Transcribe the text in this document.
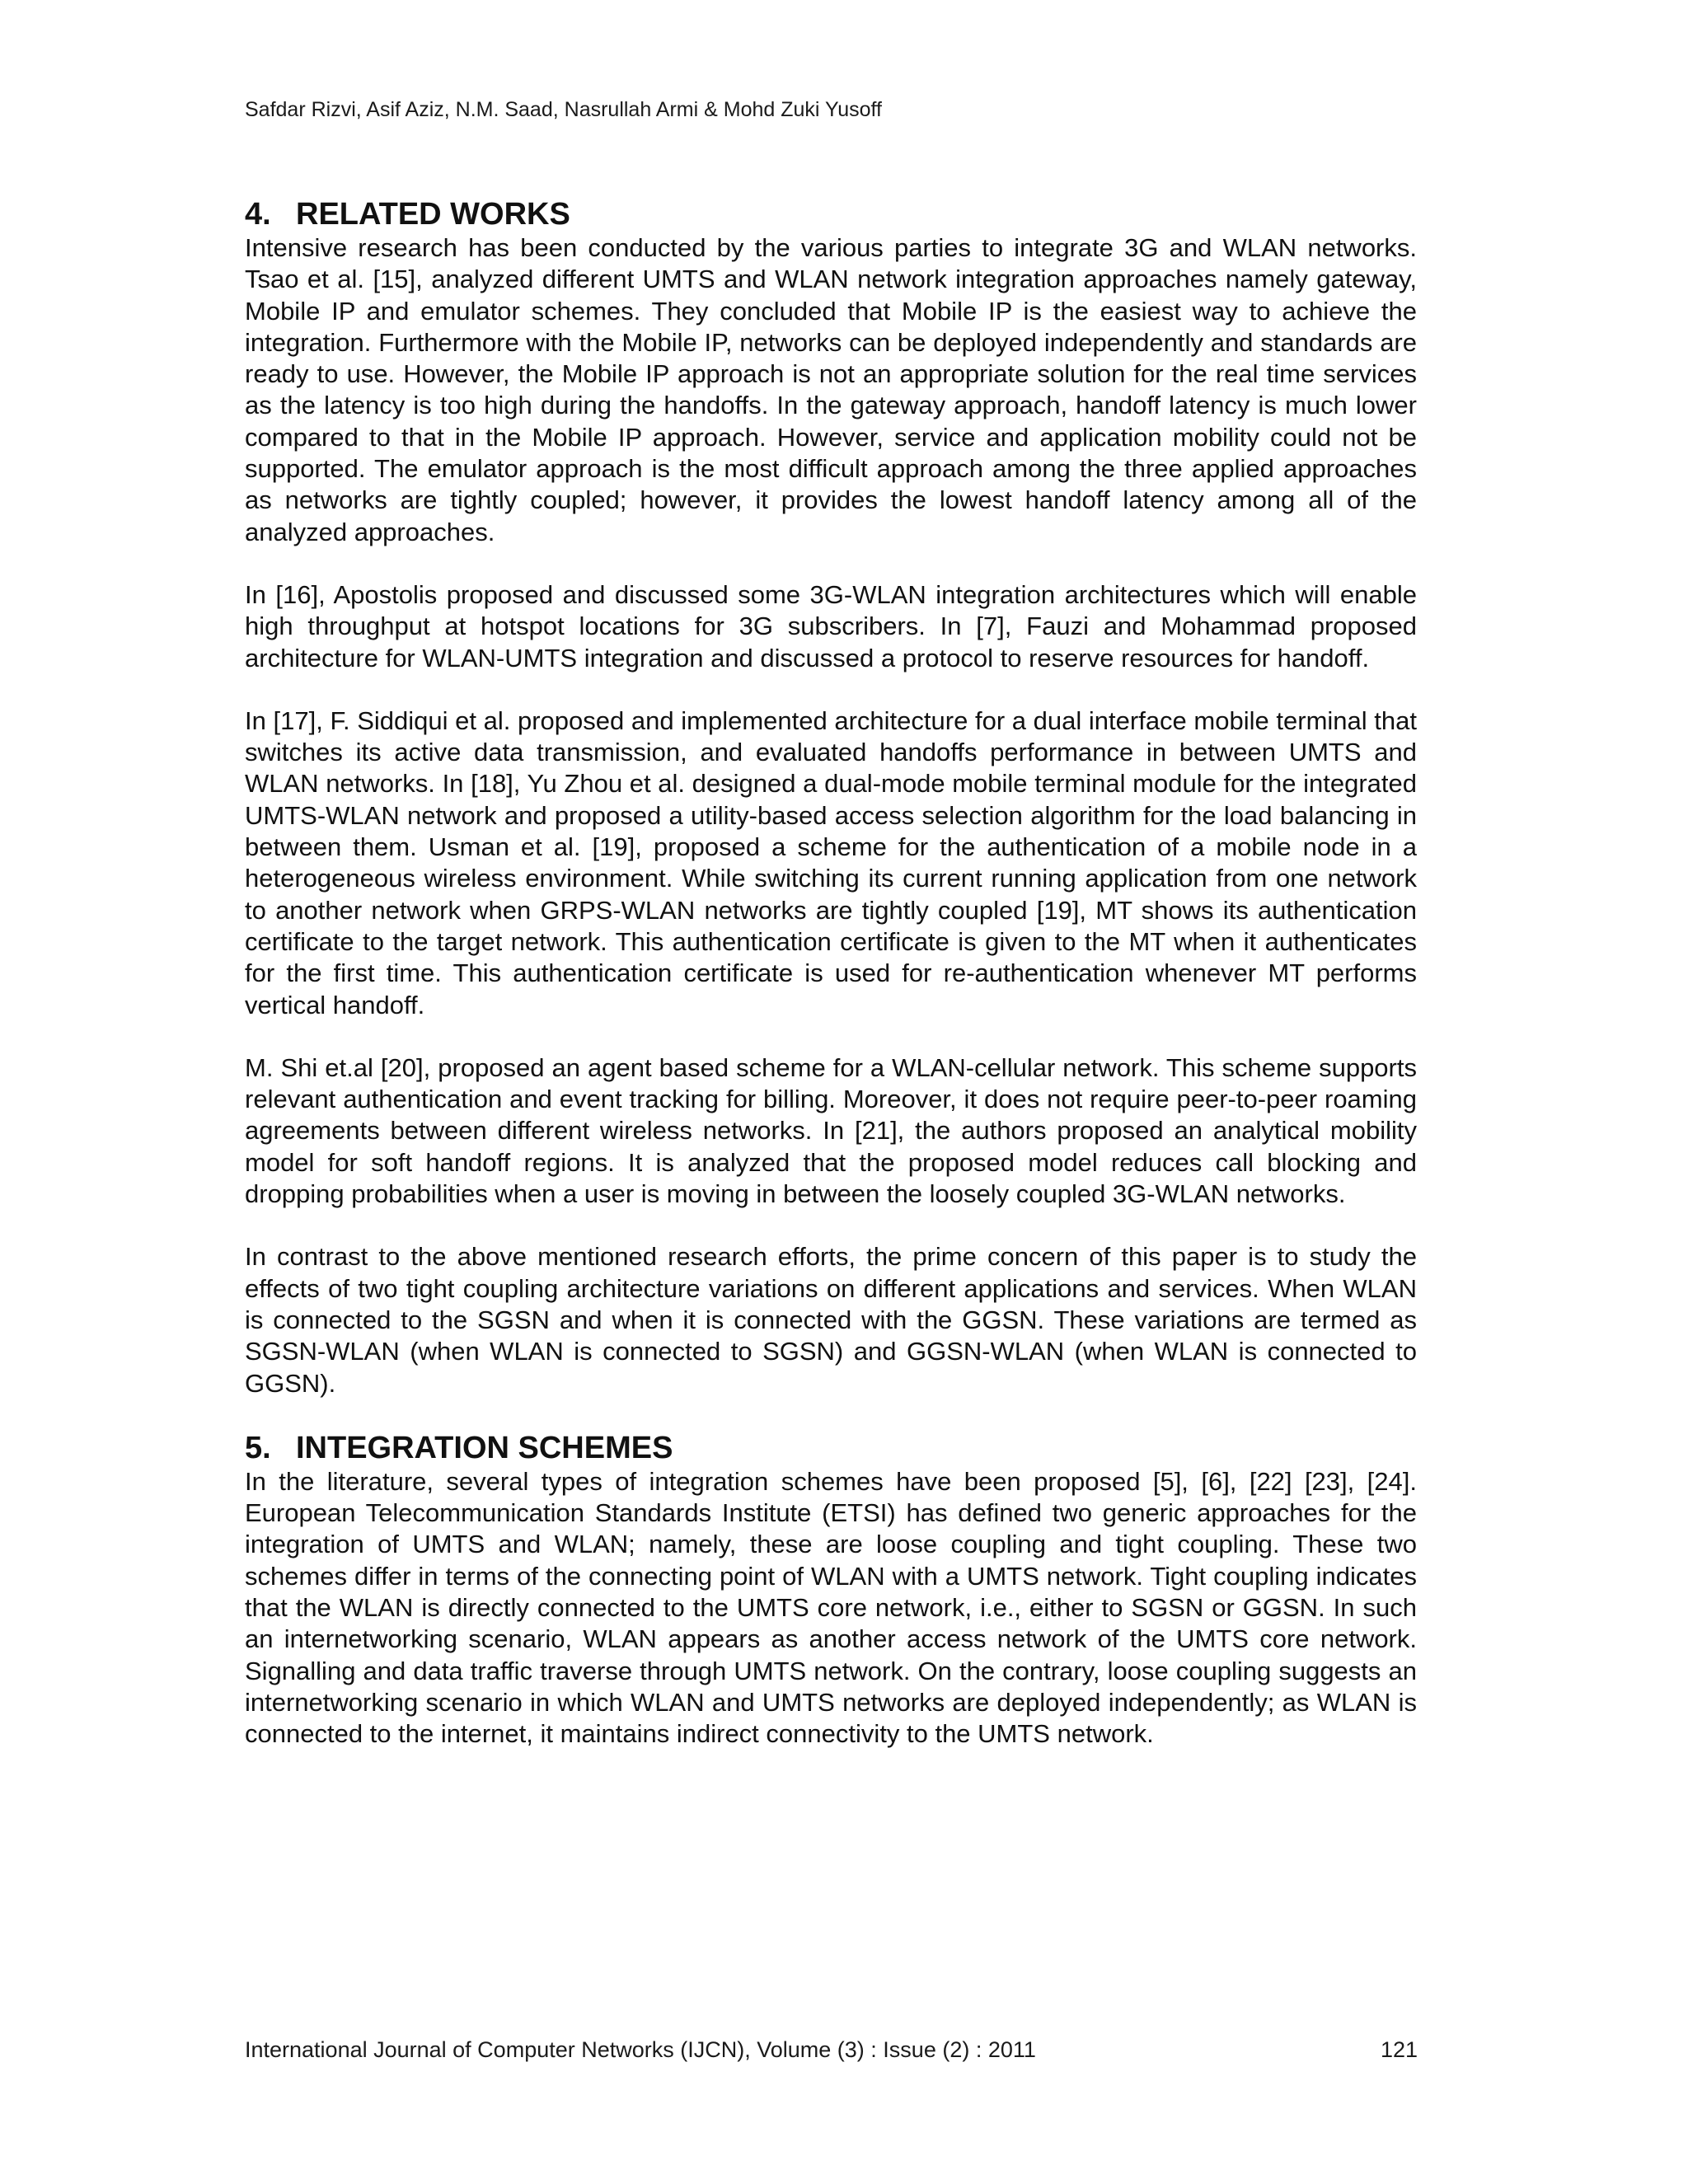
Safdar Rizvi, Asif Aziz, N.M. Saad, Nasrullah Armi & Mohd Zuki Yusoff
4. RELATED WORKS

Intensive research has been conducted by the various parties to integrate 3G and WLAN networks. Tsao et al. [15], analyzed different UMTS and WLAN network integration approaches namely gateway, Mobile IP and emulator schemes. They concluded that Mobile IP is the easiest way to achieve the integration. Furthermore with the Mobile IP, networks can be deployed independently and standards are ready to use. However, the Mobile IP approach is not an appropriate solution for the real time services as the latency is too high during the handoffs. In the gateway approach, handoff latency is much lower compared to that in the Mobile IP approach. However, service and application mobility could not be supported. The emulator approach is the most difficult approach among the three applied approaches as networks are tightly coupled; however, it provides the lowest handoff latency among all of the analyzed approaches.

In [16], Apostolis proposed and discussed some 3G-WLAN integration architectures which will enable high throughput at hotspot locations for 3G subscribers. In [7], Fauzi and Mohammad proposed architecture for WLAN-UMTS integration and discussed a protocol to reserve resources for handoff.

In [17], F. Siddiqui et al. proposed and implemented architecture for a dual interface mobile terminal that switches its active data transmission, and evaluated handoffs performance in between UMTS and WLAN networks. In [18], Yu Zhou et al. designed a dual-mode mobile terminal module for the integrated UMTS-WLAN network and proposed a utility-based access selection algorithm for the load balancing in between them. Usman et al. [19], proposed a scheme for the authentication of a mobile node in a heterogeneous wireless environment. While switching its current running application from one network to another network when GRPS-WLAN networks are tightly coupled [19], MT shows its authentication certificate to the target network. This authentication certificate is given to the MT when it authenticates for the first time. This authentication certificate is used for re-authentication whenever MT performs vertical handoff.

M. Shi et.al [20], proposed an agent based scheme for a WLAN-cellular network. This scheme supports relevant authentication and event tracking for billing. Moreover, it does not require peer-to-peer roaming agreements between different wireless networks. In [21], the authors proposed an analytical mobility model for soft handoff regions. It is analyzed that the proposed model reduces call blocking and dropping probabilities when a user is moving in between the loosely coupled 3G-WLAN networks.

In contrast to the above mentioned research efforts, the prime concern of this paper is to study the effects of two tight coupling architecture variations on different applications and services. When WLAN is connected to the SGSN and when it is connected with the GGSN. These variations are termed as SGSN-WLAN (when WLAN is connected to SGSN) and GGSN-WLAN (when WLAN is connected to GGSN).

5. INTEGRATION SCHEMES

In the literature, several types of integration schemes have been proposed [5], [6], [22] [23], [24]. European Telecommunication Standards Institute (ETSI) has defined two generic approaches for the integration of UMTS and WLAN; namely, these are loose coupling and tight coupling. These two schemes differ in terms of the connecting point of WLAN with a UMTS network. Tight coupling indicates that the WLAN is directly connected to the UMTS core network, i.e., either to SGSN or GGSN. In such an internetworking scenario, WLAN appears as another access network of the UMTS core network. Signalling and data traffic traverse through UMTS network. On the contrary, loose coupling suggests an internetworking scenario in which WLAN and UMTS networks are deployed independently; as WLAN is connected to the internet, it maintains indirect connectivity to the UMTS network.

International Journal of Computer Networks (IJCN), Volume (3) : Issue (2) : 2011	121
